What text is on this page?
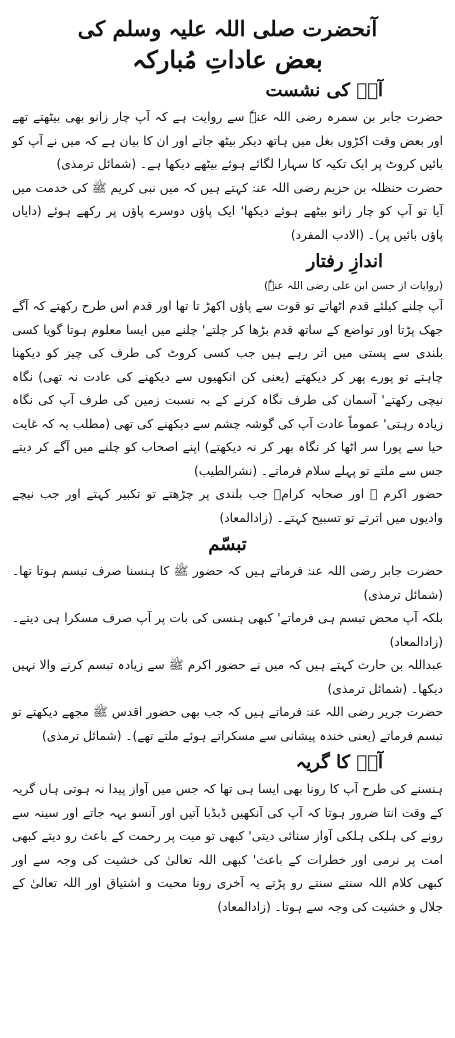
آنحضرت صلی اللہ علیہ وسلم کی
بعض عاداتِ مُبارکہ
آپؐ کی نشست

حضرت جابر بن سمرہ رضی اللہ عنہٗ سے روایت ہے کہ آپ چار زانو بھی بیٹھتے تھے اور بعض وقت اکڑوں بغل میں ہاتھ دیکر بیٹھ جاتے اور ان کا بیان ہے کہ میں نے آپ کو بائیں کروٹ پر ایک تکیہ کا سہارا لگائے ہوئے بیٹھے دیکھا ہے۔ (شمائل ترمذی)

حضرت حنظلہ بن حزیم رضی اللہ عنہٗ کہتے ہیں کہ میں نبی کریم ﷺ کی خدمت میں آیا تو آپ کو چار زانو بیٹھے ہوئے دیکھا' ایک پاؤں دوسرے پاؤں پر رکھے ہوئے (دایاں پاؤں بائیں پر)۔ (الادب المفرد)

اندازِ رفتار
(روایات از حسن ابن علی رضی اللہ عنہٗ)

آپ چلنے کیلئے قدم اٹھاتے تو قوت سے پاؤں اکھڑ تا تھا اور قدم اس طرح رکھتے کہ آگے جھک پڑتا اور تواضع کے ساتھ قدم بڑھا کر چلتے' چلنے میں ایسا معلوم ہوتا گویا کسی بلندی سے پستی میں اتر رہے ہیں جب کسی کروٹ کی طرف کی چیز کو دیکھنا چاہتے تو پورے پھر کر دیکھتے (یعنی کن انکھیوں سے دیکھنے کی عادت نہ تھی) نگاہ نیچی رکھتے' آسمان کی طرف نگاہ کرنے کے بہ نسبت زمین کی طرف آپ کی نگاہ زیادہ رہتی' عموماً عادت آپ کی گوشہ چشم سے دیکھنے کی تھی (مطلب یہ کہ غایت حیا سے پورا سر اٹھا کر نگاہ بھر کر نہ دیکھتے) اپنے اصحاب کو چلنے میں آگے کر دیتے جس سے ملتے تو پہلے سلام فرماتے۔ (نشرالطیب)

حضور اکرم ﷺ اور صحابہ کرامؓ جب بلندی پر چڑھتے تو تکبیر کہتے اور جب نیچے وادیوں میں اترتے تو تسبیح کہتے۔ (زادالمعاد)

تبسّم

حضرت جابر رضی اللہ عنہٗ فرماتے ہیں کہ حضور ﷺ کا ہنسنا صرف تبسم ہوتا تھا۔ (شمائل ترمذی)

بلکہ آپ محض تبسم ہی فرماتے' کبھی ہنسی کی بات پر آپ صرف مسکرا ہی دیتے۔ (زادالمعاد)

عبداللہ بن حارث کہتے ہیں کہ میں نے حضور اکرم ﷺ سے زیادہ تبسم کرنے والا نہیں دیکھا۔ (شمائل ترمذی)

حضرت جریر رضی اللہ عنہٗ فرماتے ہیں کہ جب بھی حضور اقدس ﷺ مجھے دیکھتے تو تبسم فرماتے (یعنی خندہ پیشانی سے مسکراتے ہوئے ملتے تھے)۔ (شمائل ترمذی)

آپؐ کا گریہ

ہنسنے کی طرح آپ کا رونا بھی ایسا ہی تھا کہ جس میں آواز پیدا نہ ہوتی ہاں گریہ کے وقت انتا ضرور ہوتا کہ آپ کی آنکھیں ڈبڈبا آتیں اور آنسو بہہ جاتے اور سینہ سے رونے کی ہلکی ہلکی آواز سنائی دیتی' کبھی تو میت پر رحمت کے باعث رو دیتے کبھی امت پر نرمی اور خطرات کے باعث' کبھی اللہ تعالیٰ کی خشیت کی وجہ سے اور کبھی کلام اللہ سنتے سنتے رو پڑتے یہ آخری رونا محبت و اشتیاق اور اللہ تعالیٰ کے جلال و خشیت کی وجہ سے ہوتا۔ (زادالمعاد)
